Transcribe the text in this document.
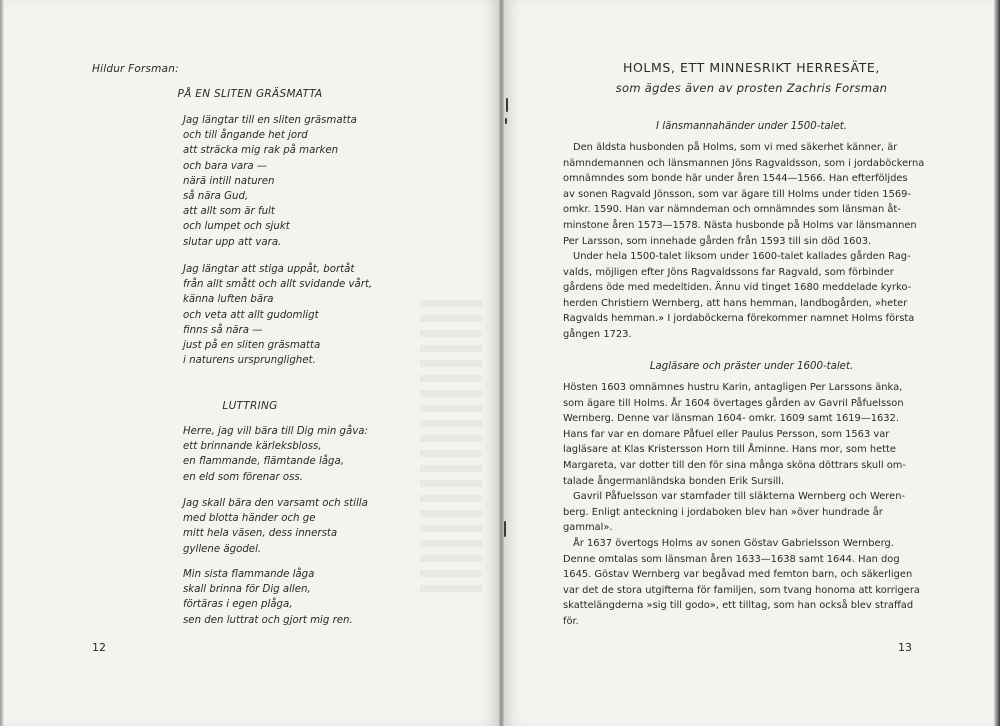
Hildur Forsman:
PÅ EN SLITEN GRÄSMATTA
Jag längtar till en sliten gräsmatta
och till ångande het jord
att sträcka mig rak på marken
och bara vara —
närä intill naturen
så nära Gud,
att allt som är fult
och lumpet och sjukt
slutar upp att vara.
Jag längtar att stiga uppåt, bortåt
från allt smått och allt svidande vårt,
känna luften bära
och veta att allt gudomligt
finns så nära —
just på en sliten gräsmatta
i naturens ursprunglighet.
LUTTRING
Herre, jag vill bära till Dig min gåva:
ett brinnande kärleksbloss,
en flammande, flämtande låga,
en eld som förenar oss.
Jag skall bära den varsamt och stilla
med blotta händer och ge
mitt hela väsen, dess innersta
gyllene ägodel.
Min sista flammande låga
skall brinna för Dig allen,
förtäras i egen plåga,
sen den luttrat och gjort mig ren.
12
HOLMS, ETT MINNESRIKT HERRESÄTE,
som ägdes även av prosten Zachris Forsman
I länsmannahänder under 1500-talet.
Den äldsta husbonden på Holms, som vi med säkerhet känner, är
nämndemannen och länsmannen Jöns Ragvaldsson, som i jordaböckerna
omnämndes som bonde här under åren 1544—1566. Han efterföljdes
av sonen Ragvald Jönsson, som var ägare till Holms under tiden 1569-
omkr. 1590. Han var nämndeman och omnämndes som länsman åt-
minstone åren 1573—1578. Nästa husbonde på Holms var länsmannen
Per Larsson, som innehade gården från 1593 till sin död 1603.
Under hela 1500-talet liksom under 1600-talet kallades gården Rag-
valds, möjligen efter Jöns Ragvaldssons far Ragvald, som förbinder
gårdens öde med medeltiden. Ännu vid tinget 1680 meddelade kyrko-
herden Christiern Wernberg, att hans hemman, landbogården, »heter
Ragvalds hemman.» I jordaböckerna förekommer namnet Holms första
gången 1723.
Lagläsare och präster under 1600-talet.
Hösten 1603 omnämnes hustru Karin, antagligen Per Larssons änka,
som ägare till Holms. År 1604 övertages gården av Gavril Påfuelsson
Wernberg. Denne var länsman 1604- omkr. 1609 samt 1619—1632.
Hans far var en domare Påfuel eller Paulus Persson, som 1563 var
lagläsare at Klas Kristersson Horn till Åminne. Hans mor, som hette
Margareta, var dotter till den för sina många sköna döttrars skull om-
talade ångermanländska bonden Erik Sursill.
Gavril Påfuelsson var stamfader till släkterna Wernberg och Weren-
berg. Enligt anteckning i jordaboken blev han »över hundrade år
gammal».
År 1637 övertogs Holms av sonen Göstav Gabrielsson Wernberg.
Denne omtalas som länsman åren 1633—1638 samt 1644. Han dog
1645. Göstav Wernberg var begåvad med femton barn, och säkerligen
var det de stora utgifterna för familjen, som tvang honoma att korrigera
skattelängderna »sig till godo», ett tilltag, som han också blev straffad
för.
13
